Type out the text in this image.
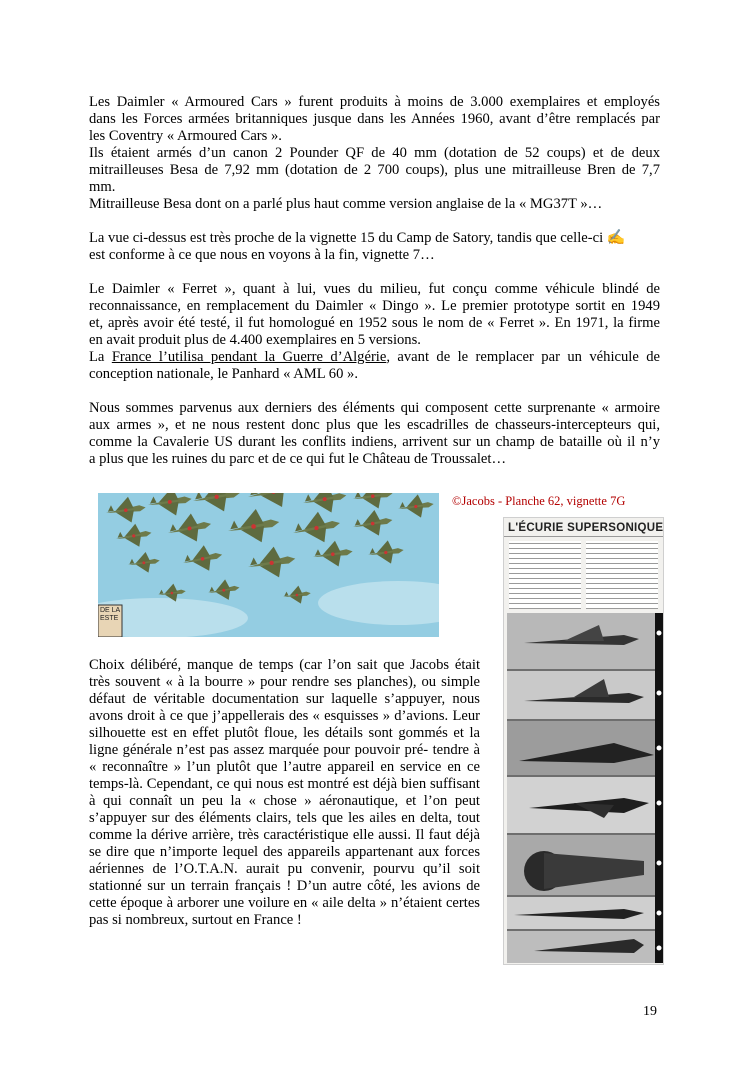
Les Daimler « Armoured Cars » furent produits à moins de 3.000 exemplaires et employés
dans les Forces armées britanniques jusque dans les Années 1960, avant d’être remplacés par
les Coventry « Armoured Cars ».
Ils étaient armés d’un canon 2 Pounder QF de 40 mm (dotation de 52 coups) et de deux
mitrailleuses Besa de 7,92 mm (dotation de 2 700 coups), plus une mitrailleuse Bren de 7,7
mm.
Mitrailleuse Besa dont on a parlé plus haut comme version anglaise de la « MG37T »…
La vue ci-dessus est très proche de la vignette 15 du Camp de Satory, tandis que celle-ci ✍
est conforme à ce que nous en voyons à la fin, vignette 7…
Le Daimler « Ferret », quant à lui, vues du milieu, fut conçu comme véhicule blindé de
reconnaissance, en remplacement du Daimler « Dingo ». Le premier prototype sortit en 1949
et, après avoir été testé, il fut homologué en 1952 sous le nom de « Ferret ». En 1971, la firme
en avait produit plus de 4.400 exemplaires en 5 versions.
La France l’utilisa pendant la Guerre d’Algérie, avant de le remplacer par un véhicule de
conception nationale, le Panhard « AML 60 ».
Nous sommes parvenus aux derniers des éléments qui composent cette surprenante « armoire
aux armes », et ne nous restent donc plus que les escadrilles de chasseurs-intercepteurs qui,
comme la Cavalerie US durant les conflits indiens, arrivent sur un champ de bataille où il n’y
a plus que les ruines du parc et de ce qui fut le Château de Troussalet…
©Jacobs - Planche 62, vignette 7G
DE LA
ESTE
L'ÉCURIE SUPERSONIQUE
Choix délibéré, manque de temps (car l’on sait que Jacobs était très souvent « à la bourre » pour rendre ses planches), ou simple défaut de véritable documentation sur laquelle s’appuyer, nous avons droit à ce que j’appellerais des « esquisses » d’avions. Leur silhouette est en effet plutôt floue, les détails sont gommés et la ligne générale n’est pas assez marquée pour pouvoir pré- tendre à « reconnaître » l’un plutôt que l’autre appareil en service en ce temps-là. Cependant, ce qui nous est montré est déjà bien suffisant à qui connaît un peu la « chose » aéronautique, et l’on peut s’appuyer sur des éléments clairs, tels que les ailes en delta, tout comme la dérive arrière, très caractéristique elle aussi. Il faut déjà se dire que n’importe lequel des appareils appartenant aux forces aériennes de l’O.T.A.N. aurait pu convenir, pourvu qu’il soit stationné sur un terrain français ! D’un autre côté, les avions de cette époque à arborer une voilure en « aile delta » n’étaient certes pas si nombreux, surtout en France !
19
